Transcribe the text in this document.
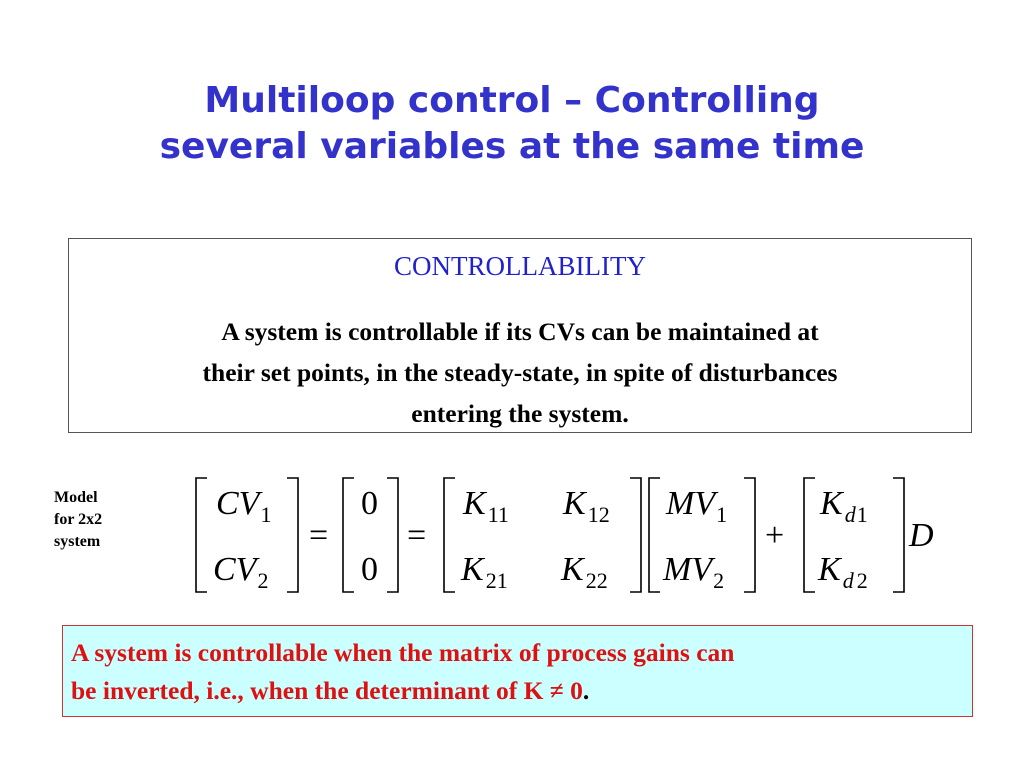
Multiloop control – Controlling
several variables at the same time
CONTROLLABILITY
A system is controllable if its CVs can be maintained at
their set points, in the steady-state, in spite of disturbances
entering the system.
Model
for 2x2
system
$CV_1$
$CV_2$
=
0
0
=
$K_{11}$ $K_{12}$
$K_{21}$ $K_{22}$
$MV_1$
$MV_2$
+
$K_d1$
$K_d$ 2
D
A system is controllable when the matrix of process gains can
be inverted, i.e., when the determinant of K ≠ 0.
